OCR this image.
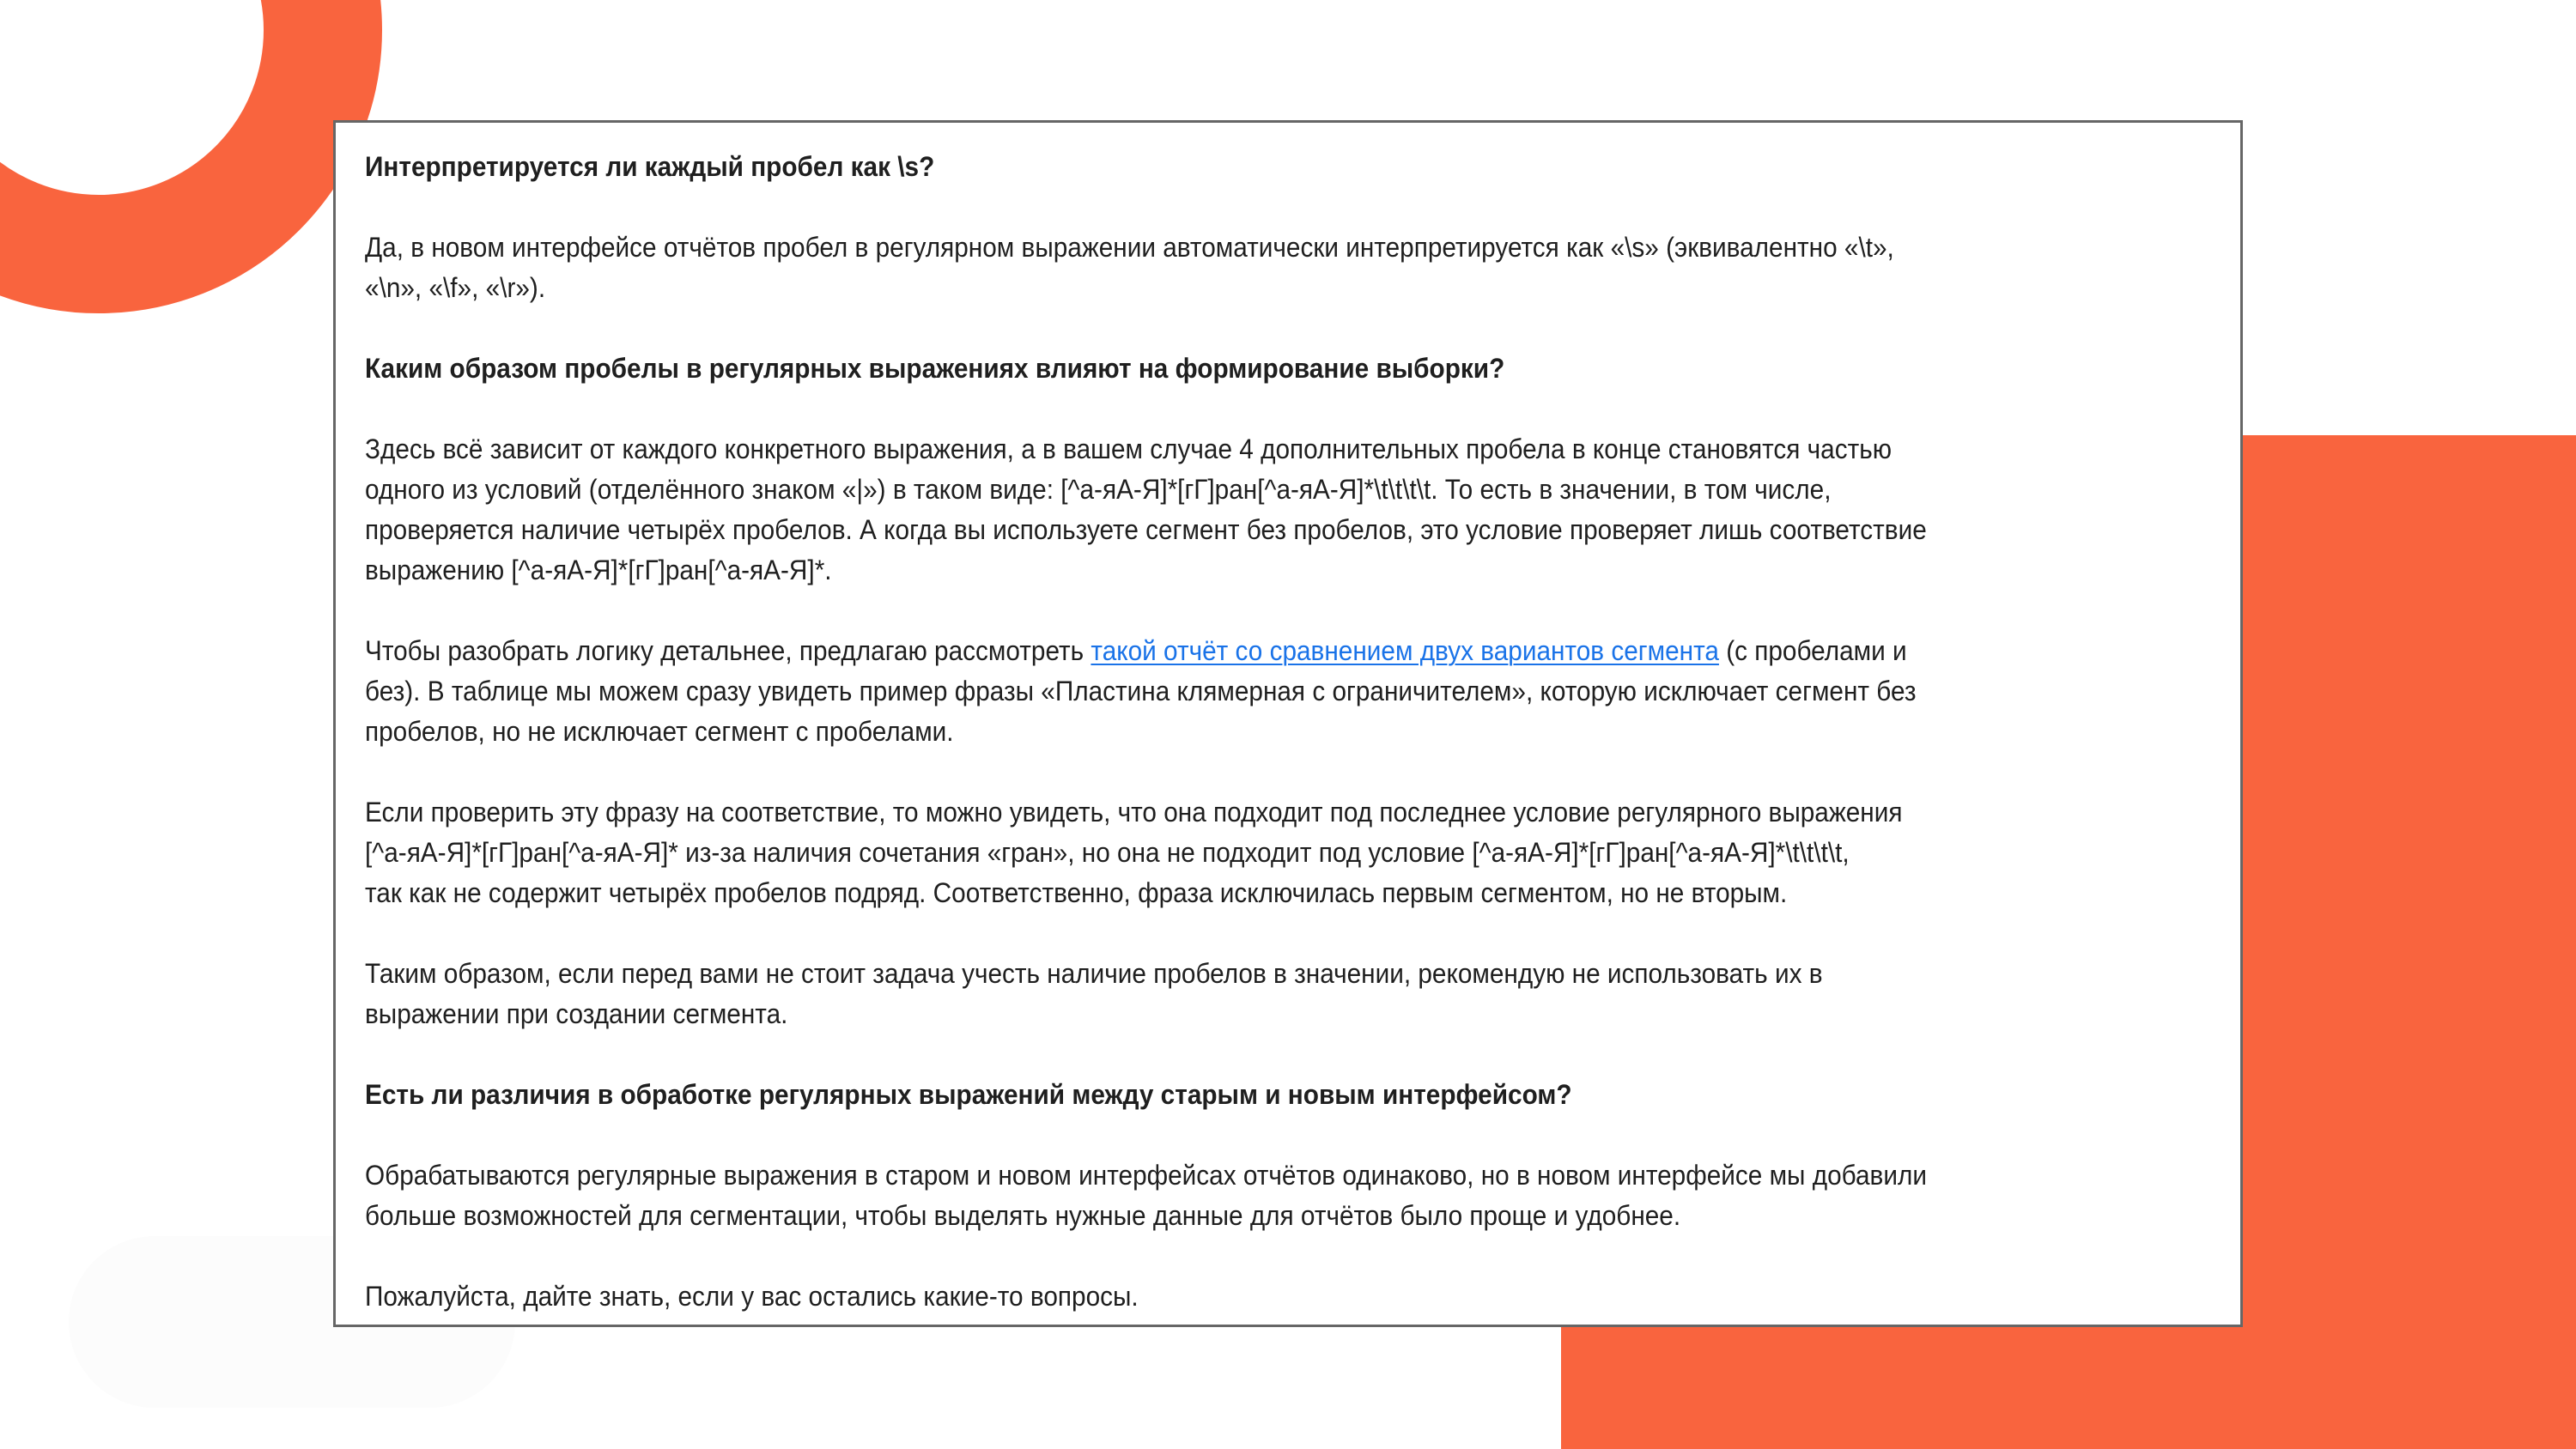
Интерпретируется ли каждый пробел как \s?
Да, в новом интерфейсе отчётов пробел в регулярном выражении автоматически интерпретируется как «\s» (эквивалентно «\t»,
«\n», «\f», «\r»).
Каким образом пробелы в регулярных выражениях влияют на формирование выборки?
Здесь всё зависит от каждого конкретного выражения, а в вашем случае 4 дополнительных пробела в конце становятся частью
одного из условий (отделённого знаком «|») в таком виде: [^а-яА-Я]*[гГ]ран[^а-яА-Я]*\t\t\t\t. То есть в значении, в том числе,
проверяется наличие четырёх пробелов. А когда вы используете сегмент без пробелов, это условие проверяет лишь соответствие
выражению [^а-яА-Я]*[гГ]ран[^а-яА-Я]*.
Чтобы разобрать логику детальнее, предлагаю рассмотреть такой отчёт со сравнением двух вариантов сегмента (с пробелами и
без). В таблице мы можем сразу увидеть пример фразы «Пластина клямерная с ограничителем», которую исключает сегмент без
пробелов, но не исключает сегмент с пробелами.
Если проверить эту фразу на соответствие, то можно увидеть, что она подходит под последнее условие регулярного выражения
[^а-яА-Я]*[гГ]ран[^а-яА-Я]* из-за наличия сочетания «гран», но она не подходит под условие [^а-яА-Я]*[гГ]ран[^а-яА-Я]*\t\t\t\t,
так как не содержит четырёх пробелов подряд. Соответственно, фраза исключилась первым сегментом, но не вторым.
Таким образом, если перед вами не стоит задача учесть наличие пробелов в значении, рекомендую не использовать их в
выражении при создании сегмента.
Есть ли различия в обработке регулярных выражений между старым и новым интерфейсом?
Обрабатываются регулярные выражения в старом и новом интерфейсах отчётов одинаково, но в новом интерфейсе мы добавили
больше возможностей для сегментации, чтобы выделять нужные данные для отчётов было проще и удобнее.
Пожалуйста, дайте знать, если у вас остались какие-то вопросы.
